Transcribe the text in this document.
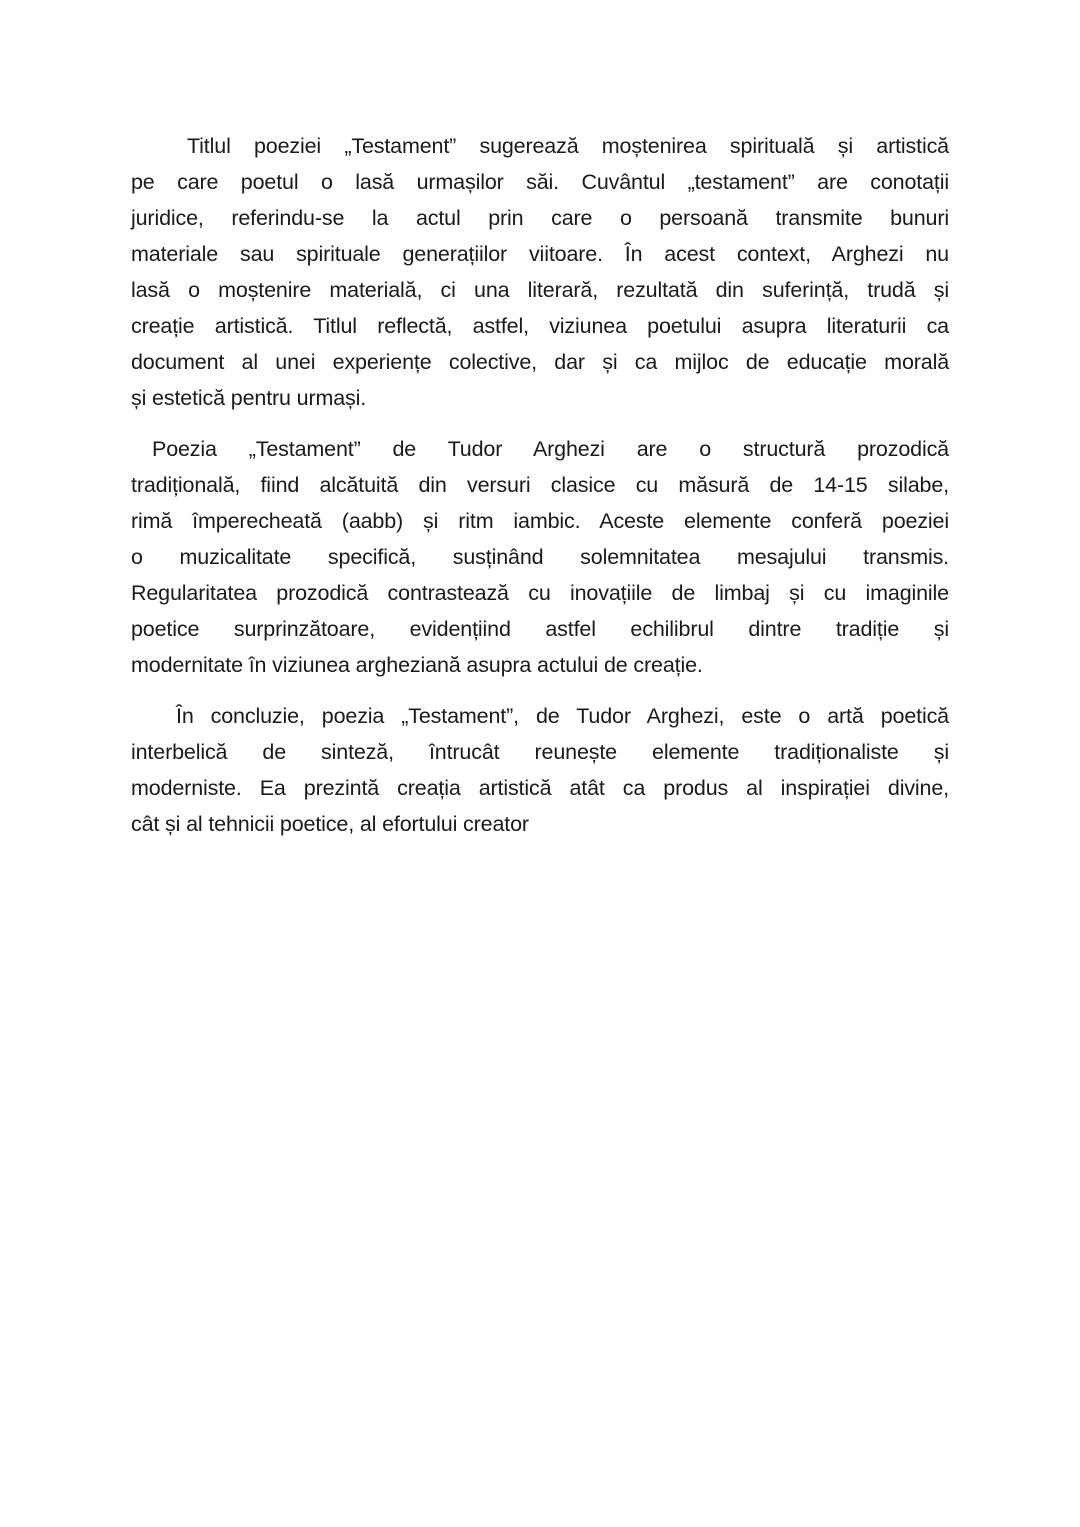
Titlul poeziei „Testament” sugerează moștenirea spirituală și artistică
pe care poetul o lasă urmașilor săi. Cuvântul „testament” are conotații
juridice, referindu-se la actul prin care o persoană transmite bunuri
materiale sau spirituale generațiilor viitoare. În acest context, Arghezi nu
lasă o moștenire materială, ci una literară, rezultată din suferință, trudă și
creație artistică. Titlul reflectă, astfel, viziunea poetului asupra literaturii ca
document al unei experiențe colective, dar și ca mijloc de educație morală
și estetică pentru urmași.
Poezia „Testament” de Tudor Arghezi are o structură prozodică
tradițională, fiind alcătuită din versuri clasice cu măsură de 14-15 silabe,
rimă împerecheată (aabb) și ritm iambic. Aceste elemente conferă poeziei
o muzicalitate specifică, susținând solemnitatea mesajului transmis.
Regularitatea prozodică contrastează cu inovațiile de limbaj și cu imaginile
poetice surprinzătoare, evidențiind astfel echilibrul dintre tradiție și
modernitate în viziunea argheziană asupra actului de creație.
În concluzie, poezia „Testament”, de Tudor Arghezi, este o artă poetică
interbelică de sinteză, întrucât reunește elemente tradiționaliste și
moderniste. Ea prezintă creația artistică atât ca produs al inspirației divine,
cât și al tehnicii poetice, al efortului creator
